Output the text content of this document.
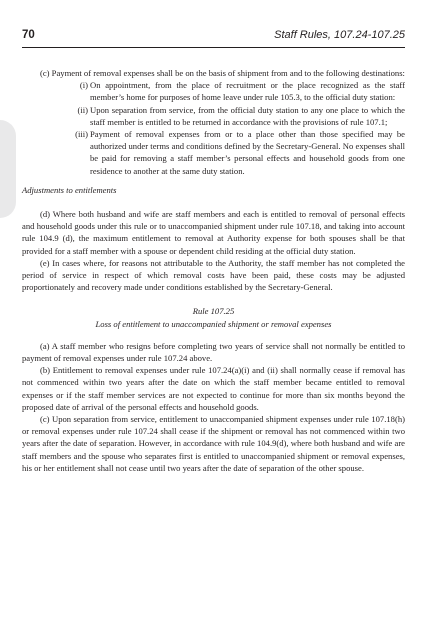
70	Staff Rules, 107.24-107.25

(c) Payment of removal expenses shall be on the basis of shipment from and to the following destinations:

(i) On appointment, from the place of recruitment or the place recognized as the staff member’s home for purposes of home leave under rule 105.3, to the official duty station:
(ii) Upon separation from service, from the official duty station to any one place to which the staff member is entitled to be returned in accordance with the provisions of rule 107.1;
(iii) Payment of removal expenses from or to a place other than those specified may be authorized under terms and conditions defined by the Secretary-General. No expenses shall be paid for removing a staff member’s personal effects and household goods from one residence to another at the same duty station.
Adjustments to entitlements

(d) Where both husband and wife are staff members and each is entitled to removal of personal effects and household goods under this rule or to unaccompanied shipment under rule 107.18, and taking into account rule 104.9 (d), the maximum entitlement to removal at Authority expense for both spouses shall be that provided for a staff member with a spouse or dependent child residing at the official duty station.

(e) In cases where, for reasons not attributable to the Authority, the staff member has not completed the period of service in respect of which removal costs have been paid, these costs may be adjusted proportionately and recovery made under conditions established by the Secretary-General.

Rule 107.25
Loss of entitlement to unaccompanied shipment or removal expenses

(a) A staff member who resigns before completing two years of service shall not normally be entitled to payment of removal expenses under rule 107.24 above.

(b) Entitlement to removal expenses under rule 107.24(a)(i) and (ii) shall normally cease if removal has not commenced within two years after the date on which the staff member became entitled to removal expenses or if the staff member services are not expected to continue for more than six months beyond the proposed date of arrival of the personal effects and household goods.

(c) Upon separation from service, entitlement to unaccompanied shipment expenses under rule 107.18(h) or removal expenses under rule 107.24 shall cease if the shipment or removal has not commenced within two years after the date of separation. However, in accordance with rule 104.9(d), where both husband and wife are staff members and the spouse who separates first is entitled to unaccompanied shipment or removal expenses, his or her entitlement shall not cease until two years after the date of separation of the other spouse.
